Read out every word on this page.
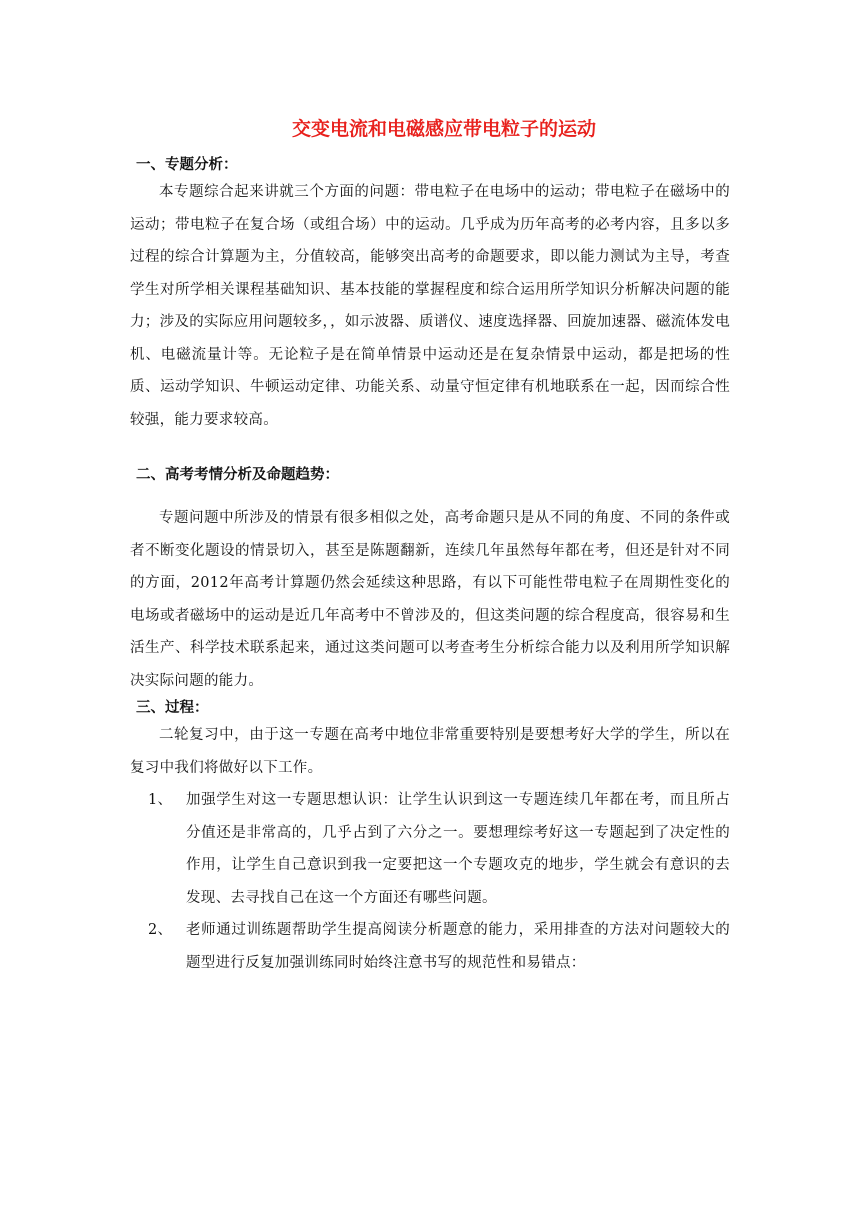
交变电流和电磁感应带电粒子的运动
一、专题分析：

本专题综合起来讲就三个方面的问题：带电粒子在电场中的运动；带电粒子在磁场中的运动；带电粒子在复合场（或组合场）中的运动。几乎成为历年高考的必考内容，且多以多过程的综合计算题为主，分值较高，能够突出高考的命题要求，即以能力测试为主导，考查学生对所学相关课程基础知识、基本技能的掌握程度和综合运用所学知识分析解决问题的能力；涉及的实际应用问题较多，，如示波器、质谱仪、速度选择器、回旋加速器、磁流体发电机、电磁流量计等。无论粒子是在简单情景中运动还是在复杂情景中运动，都是把场的性质、运动学知识、牛顿运动定律、功能关系、动量守恒定律有机地联系在一起，因而综合性较强，能力要求较高。

二、高考考情分析及命题趋势：

专题问题中所涉及的情景有很多相似之处，高考命题只是从不同的角度、不同的条件或者不断变化题设的情景切入，甚至是陈题翻新，连续几年虽然每年都在考，但还是针对不同的方面，2012年高考计算题仍然会延续这种思路，有以下可能性带电粒子在周期性变化的电场或者磁场中的运动是近几年高考中不曾涉及的，但这类问题的综合程度高，很容易和生活生产、科学技术联系起来，通过这类问题可以考查考生分析综合能力以及利用所学知识解决实际问题的能力。

三、过程：

二轮复习中，由于这一专题在高考中地位非常重要特别是要想考好大学的学生，所以在复习中我们将做好以下工作。

1、 加强学生对这一专题思想认识：让学生认识到这一专题连续几年都在考，而且所占分值还是非常高的，几乎占到了六分之一。要想理综考好这一专题起到了决定性的作用，让学生自己意识到我一定要把这一个专题攻克的地步，学生就会有意识的去发现、去寻找自己在这一个方面还有哪些问题。
2、 老师通过训练题帮助学生提高阅读分析题意的能力，采用排查的方法对问题较大的题型进行反复加强训练同时始终注意书写的规范性和易错点：
